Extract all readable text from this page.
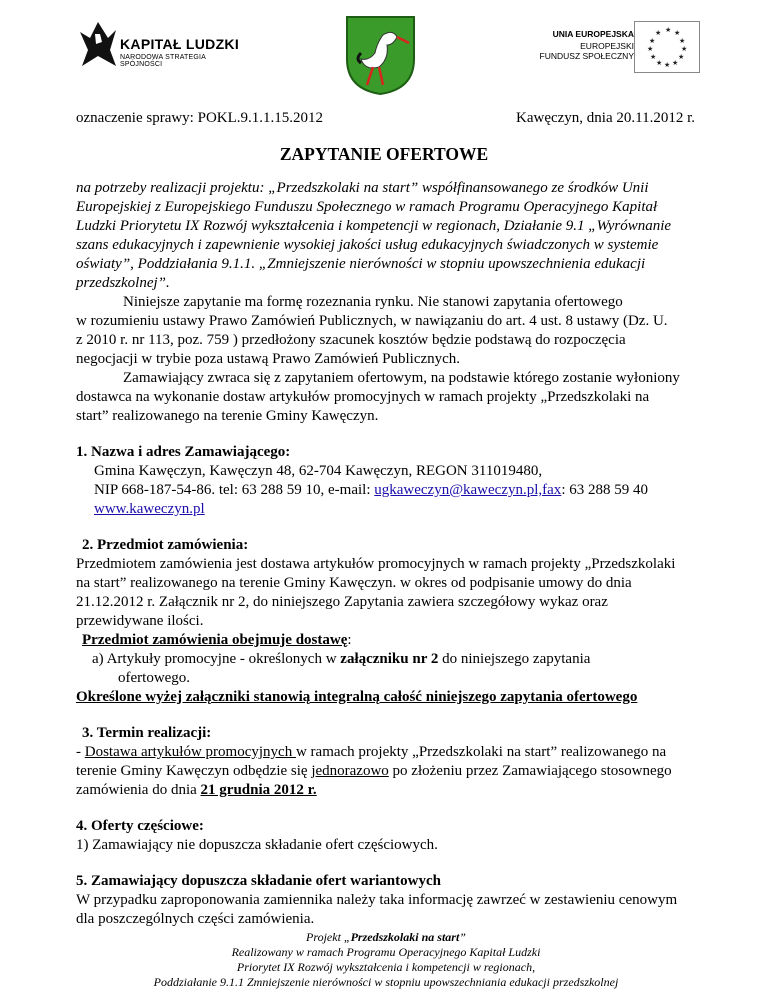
KAPITAŁ LUDZKI
NARODOWA STRATEGIA SPÓJNOŚCI
UNIA EUROPEJSKA
EUROPEJSKI
FUNDUSZ SPOŁECZNY
★ ★
★
★
★
★
★
★
★
★
★
★
oznaczenie sprawy: POKL.9.1.1.15.2012	Kawęczyn, dnia 20.11.2012 r.
ZAPYTANIE OFERTOWE
na potrzeby realizacji projektu: „Przedszkolaki na start” współfinansowanego ze środków Unii
Europejskiej z Europejskiego Funduszu Społecznego w ramach Programu Operacyjnego Kapitał
Ludzki Priorytetu IX Rozwój wykształcenia i kompetencji w regionach, Działanie 9.1 „Wyrównanie
szans edukacyjnych i zapewnienie wysokiej jakości usług edukacyjnych świadczonych w systemie
oświaty”, Poddziałania 9.1.1. „Zmniejszenie nierówności w stopniu upowszechnienia edukacji
przedszkolnej”.
Niniejsze zapytanie ma formę rozeznania rynku. Nie stanowi zapytania ofertowego
w rozumieniu ustawy Prawo Zamówień Publicznych, w nawiązaniu do art. 4 ust. 8 ustawy (Dz. U.
z 2010 r. nr 113, poz. 759 ) przedłożony szacunek kosztów będzie podstawą do rozpoczęcia
negocjacji w trybie poza ustawą Prawo Zamówień Publicznych.
Zamawiający zwraca się z zapytaniem ofertowym, na podstawie którego zostanie wyłoniony
dostawca na wykonanie dostaw artykułów promocyjnych w ramach projekty „Przedszkolaki na
start” realizowanego na terenie Gminy Kawęczyn.
1. Nazwa i adres Zamawiającego:
Gmina Kawęczyn, Kawęczyn 48, 62-704 Kawęczyn, REGON 311019480,
NIP 668-187-54-86. tel: 63 288 59 10, e-mail: ugkaweczyn@kaweczyn.pl,fax: 63 288 59 40
www.kaweczyn.pl
2. Przedmiot zamówienia:
Przedmiotem zamówienia jest dostawa artykułów promocyjnych w ramach projekty „Przedszkolaki
na start” realizowanego na terenie Gminy Kawęczyn. w okres od podpisanie umowy do dnia
21.12.2012 r. Załącznik nr 2, do niniejszego Zapytania zawiera szczegółowy wykaz oraz
przewidywane ilości.
Przedmiot zamówienia obejmuje dostawę:
a) Artykuły promocyjne - określonych w załączniku nr 2 do niniejszego zapytania
ofertowego.
Określone wyżej załączniki stanowią integralną całość niniejszego zapytania ofertowego
3. Termin realizacji:
- Dostawa artykułów promocyjnych w ramach projekty „Przedszkolaki na start” realizowanego na
terenie Gminy Kawęczyn odbędzie się jednorazowo po złożeniu przez Zamawiającego stosownego
zamówienia do dnia 21 grudnia 2012 r.
4. Oferty częściowe:
1) Zamawiający nie dopuszcza składanie ofert częściowych.
5. Zamawiający dopuszcza składanie ofert wariantowych
W przypadku zaproponowania zamiennika należy taka informację zawrzeć w zestawieniu cenowym
dla poszczególnych części zamówienia.
Projekt „Przedszkolaki na start”
Realizowany w ramach Programu Operacyjnego Kapitał Ludzki
Priorytet IX Rozwój wykształcenia i kompetencji w regionach,
Poddziałanie 9.1.1 Zmniejszenie nierówności w stopniu upowszechniania edukacji przedszkolnej
